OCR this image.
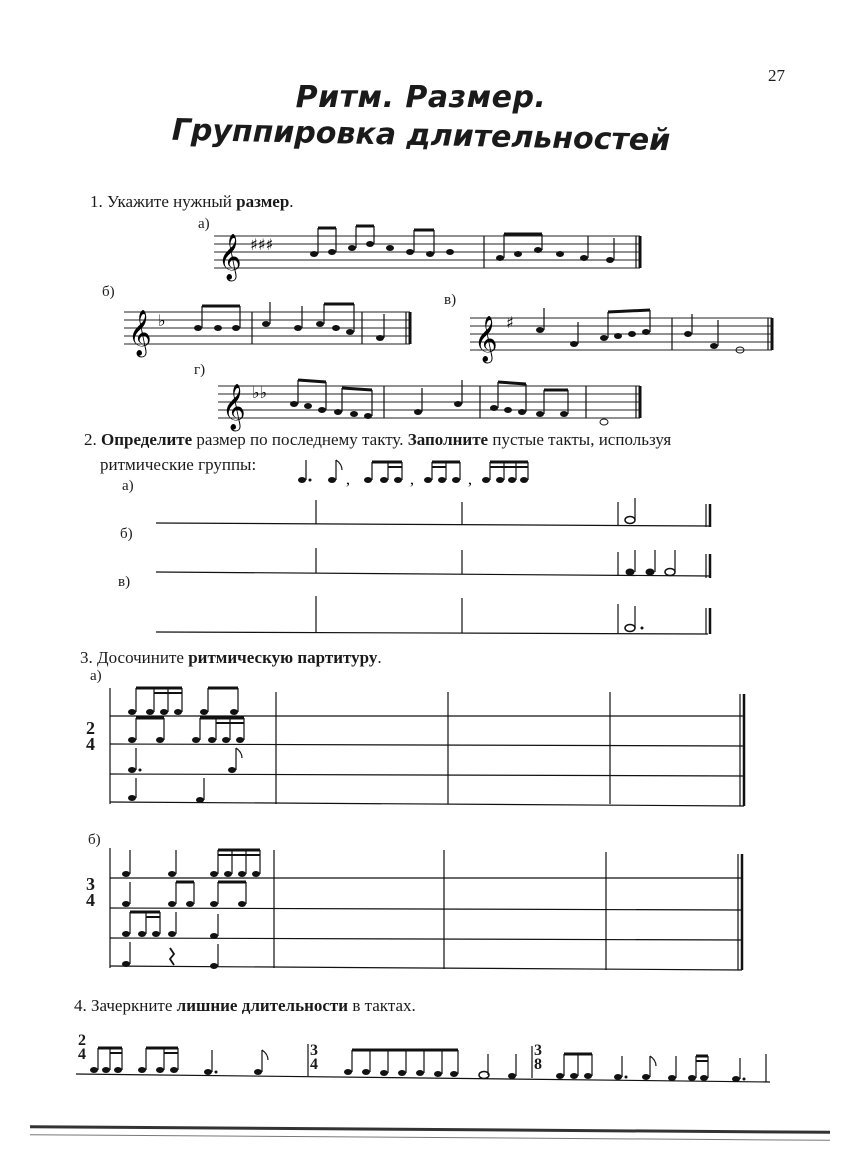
27
Ритм. Размер.
Группировка длительностей
1. Укажите нужный размер.
а)
б)	в)
г)
𝄞 ♯♯♯
𝄞 ♭	𝄞 ♯
𝄞 ♭♭
2. Определите размер по последнему такту. Заполните пустые такты, используя
ритмические группы:
,	,	,
а)
б)
в)
3. Досочините ритмическую партитуру.
а)
б)
2
4
3
4
4. Зачеркните лишние длительности в тактах.
2
4	3
4
3
8
